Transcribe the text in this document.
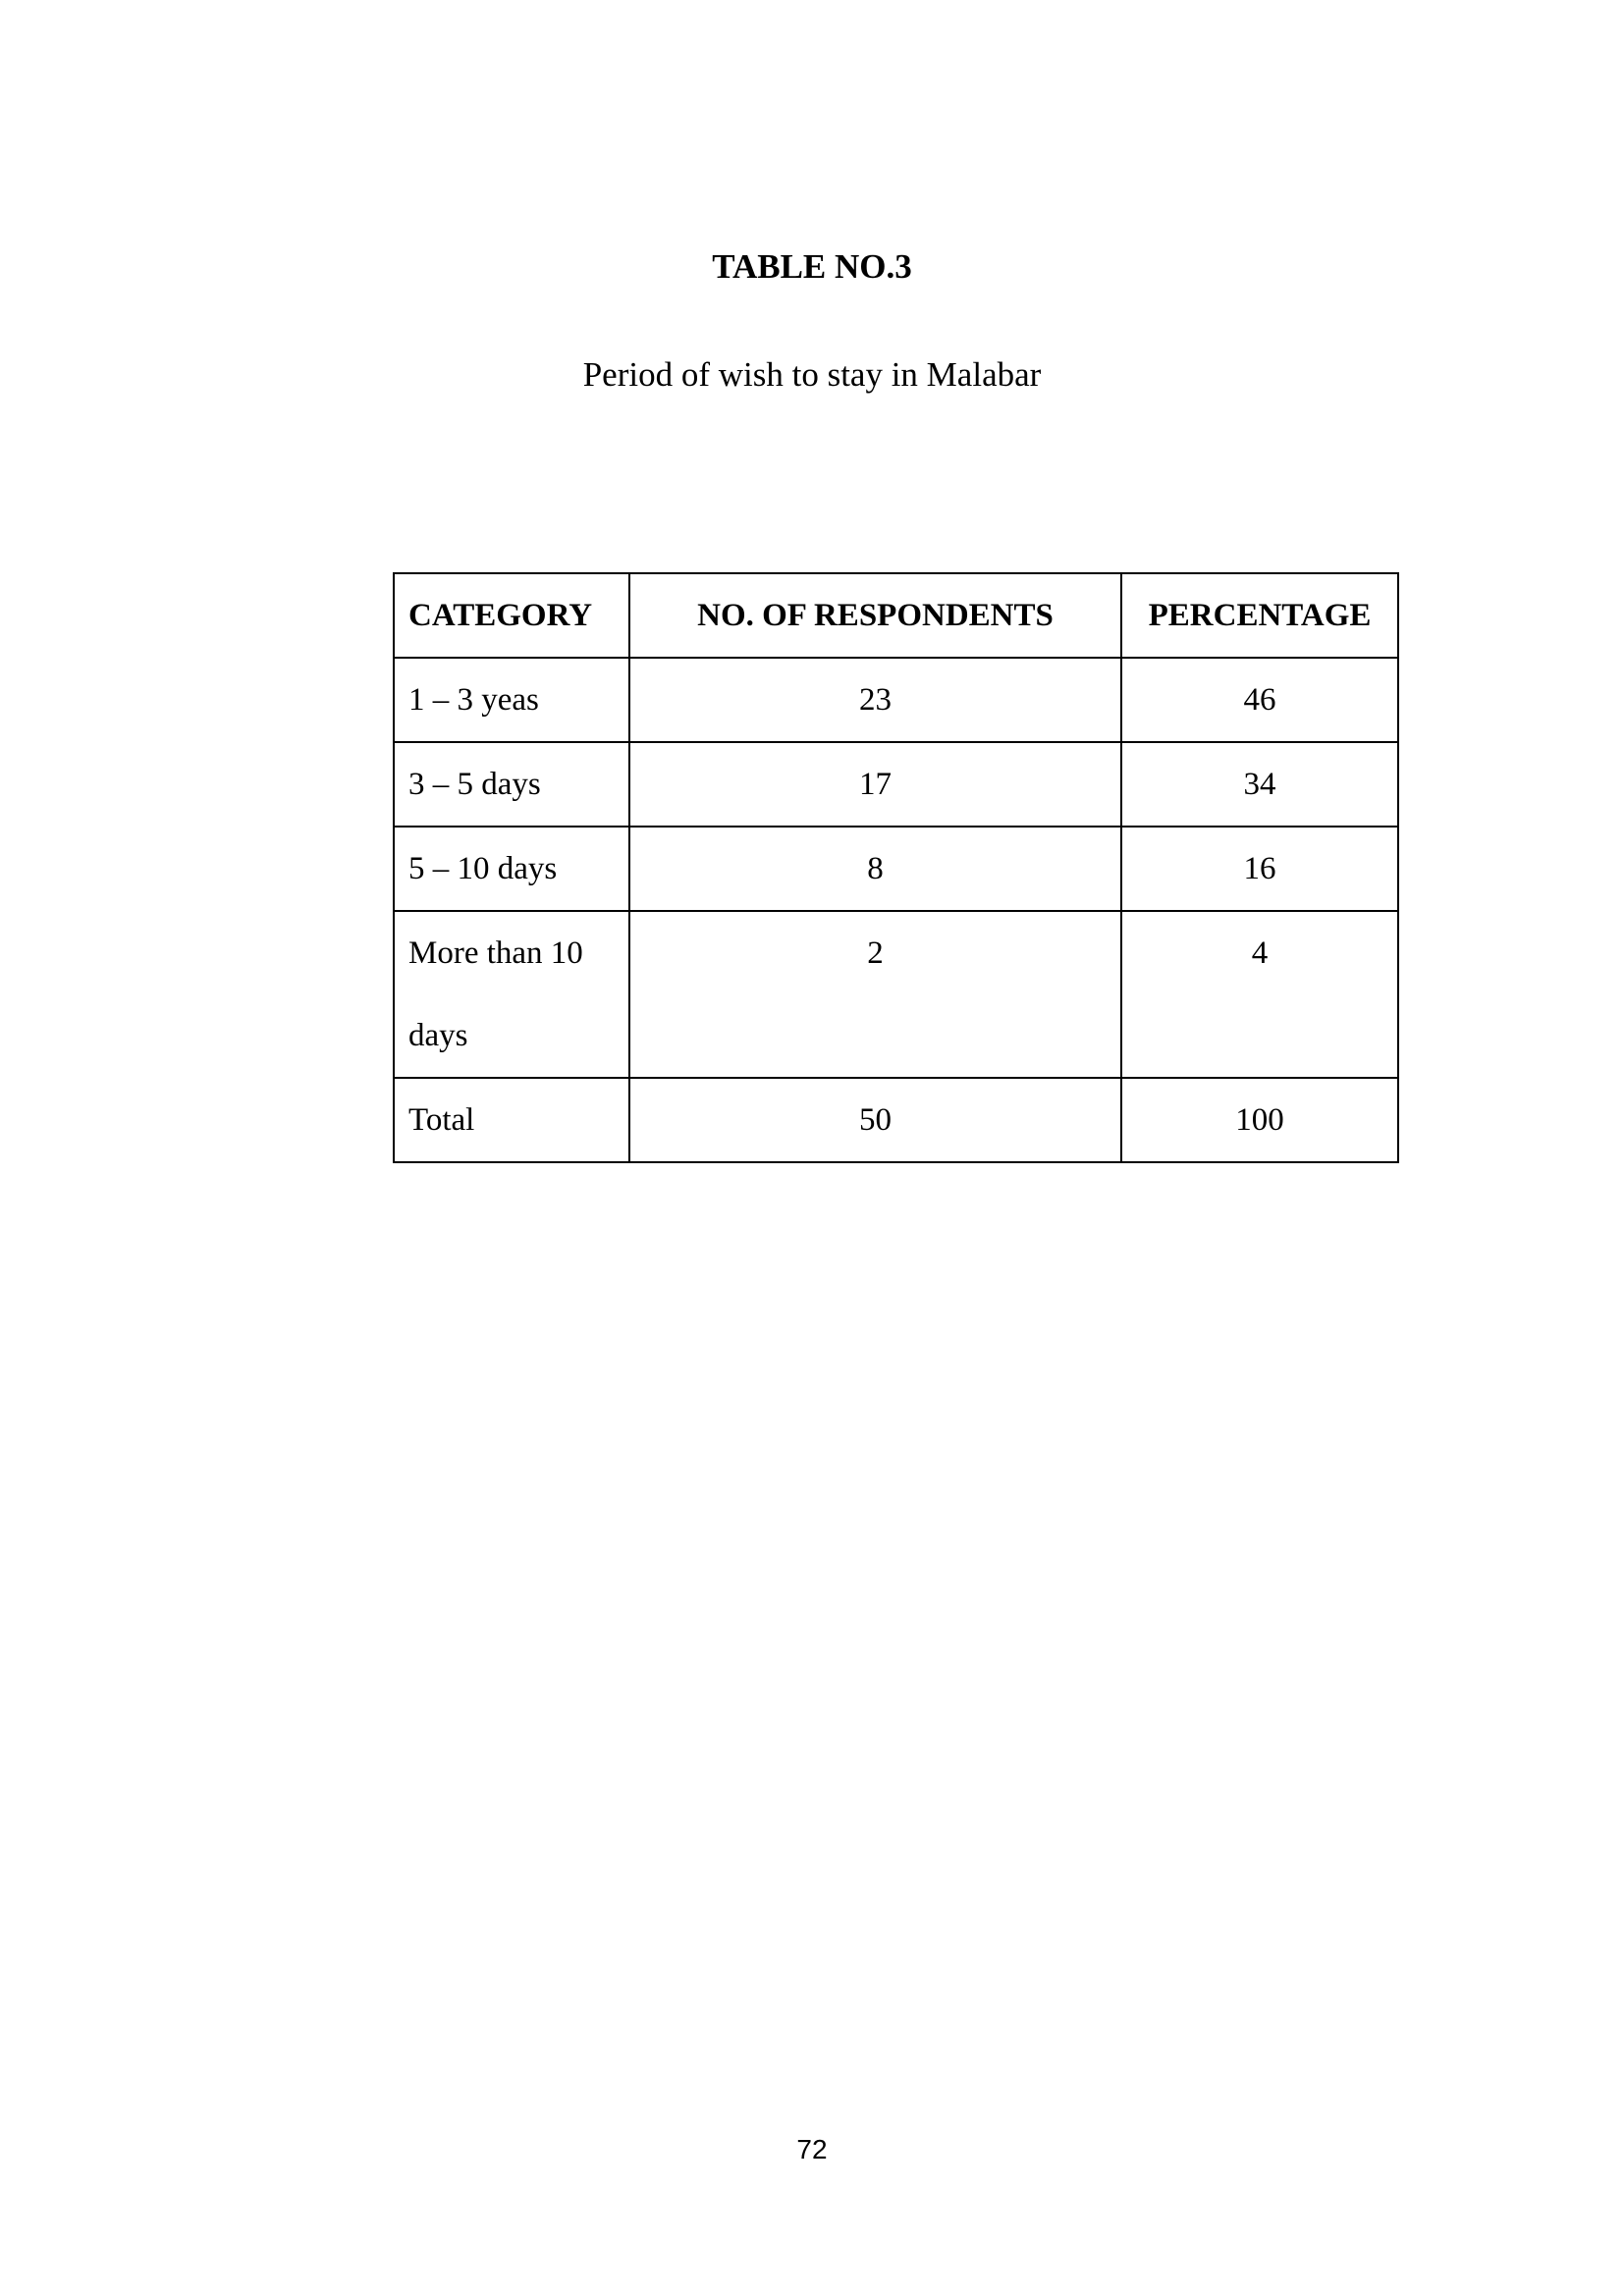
TABLE NO.3
Period of wish to stay in Malabar
CATEGORY	NO. OF RESPONDENTS	PERCENTAGE
1 – 3 yeas	23	46
3 – 5 days	17	34
5 – 10 days	8	16

More than 10
days	2	4
Total	50	100
72
